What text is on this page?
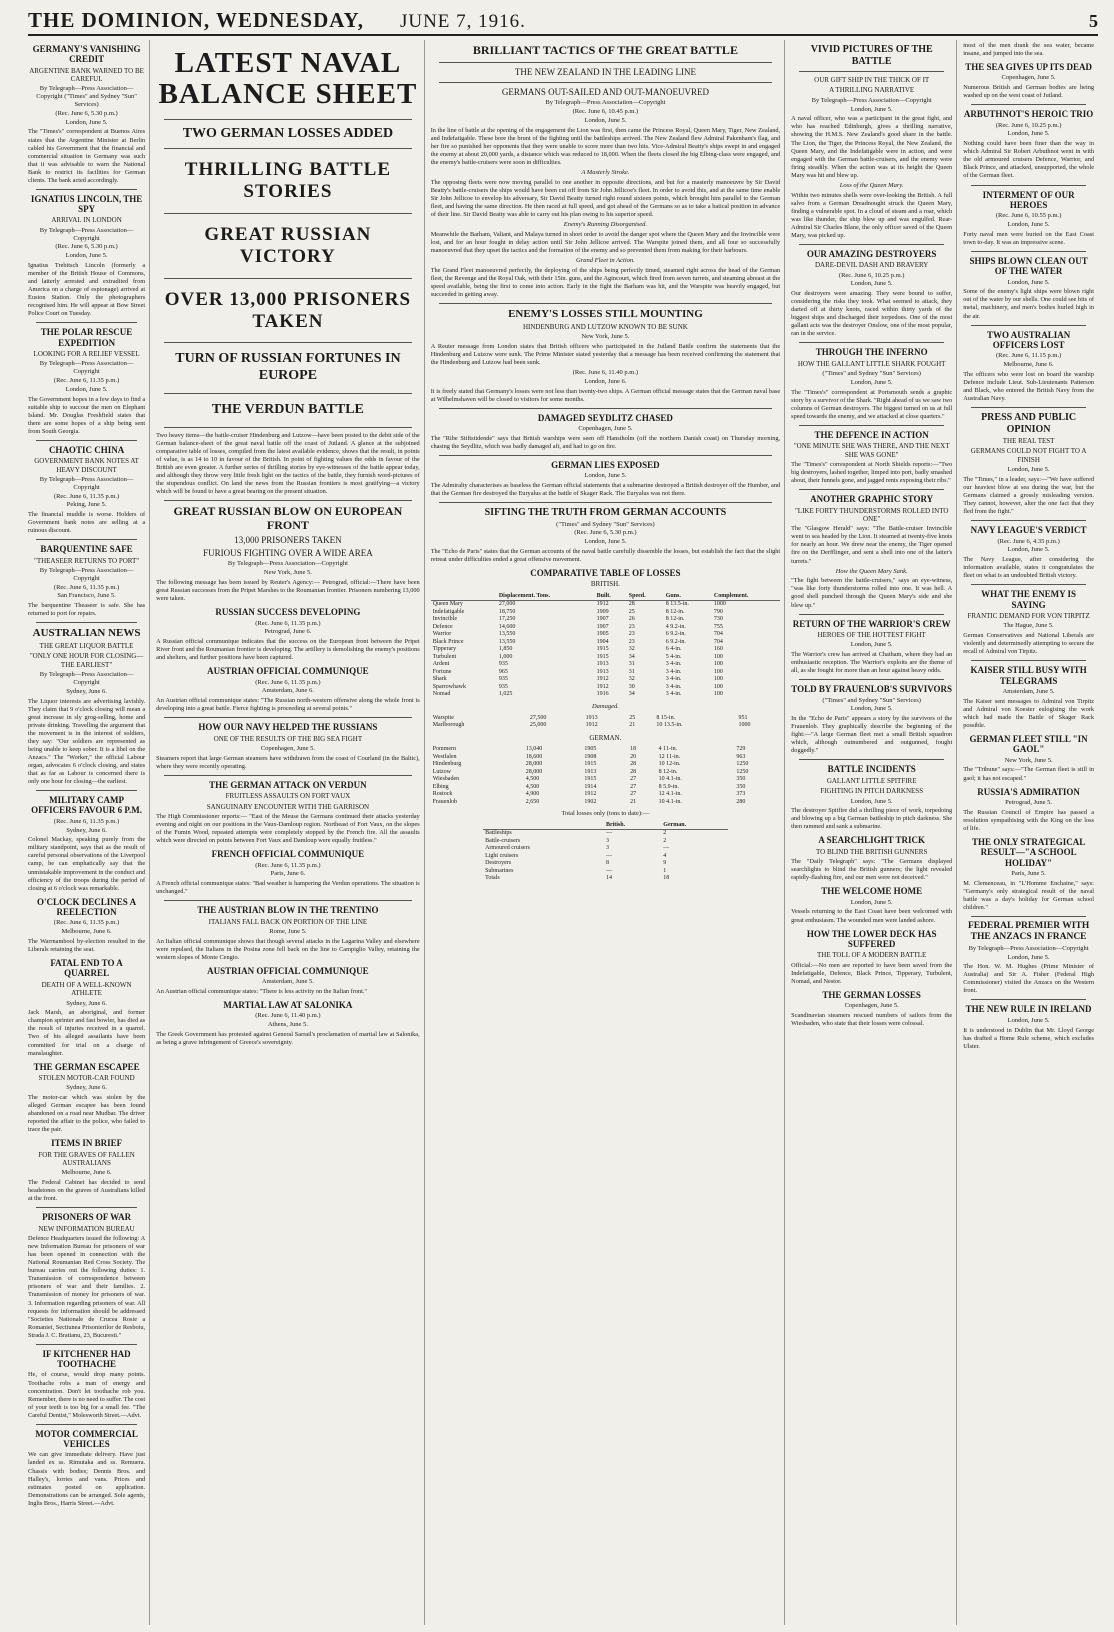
THE DOMINION, WEDNESDAY, JUNE 7, 1916.	5
GERMANY'S VANISHING CREDIT
ARGENTINE BANK WARNED TO BE CAREFUL
By Telegraph—Press Association—Copyright ("Times" and Sydney "Sun" Services)
(Rec. June 6, 5.30 p.m.)
London, June 5.
The "Times's" correspondent at Buenos Aires states that the Argentine Minister at Berlin cabled his Government that the financial and commercial situation in Germany was such that it was advisable to warn the National Bank to restrict its facilities for German clients. The bank acted accordingly.
IGNATIUS LINCOLN, THE SPY
ARRIVAL IN LONDON
By Telegraph—Press Association—Copyright
(Rec. June 6, 5.30 p.m.)
London, June 5.
Ignatius Trebitsch Lincoln (formerly a member of the British House of Commons, and latterly arrested and extradited from America on a charge of espionage) arrived at Euston Station. Only the photographers recognised him. He will appear at Bow Street Police Court on Tuesday.
THE POLAR RESCUE EXPEDITION
LOOKING FOR A RELIEF VESSEL
By Telegraph—Press Association—Copyright
(Rec. June 6, 11.35 p.m.)
London, June 5.
The Government hopes in a few days to find a suitable ship to succour the men on Elephant Island. Mr. Douglas Freshfield states that there are some hopes of a ship being sent from South Georgia.
CHAOTIC CHINA
GOVERNMENT BANK NOTES AT HEAVY DISCOUNT
By Telegraph—Press Association—Copyright
(Rec. June 6, 11.35 p.m.)
Peking, June 5.
The financial muddle is worse. Holders of Government bank notes are selling at a ruinous discount.
BARQUENTINE SAFE
"THEASEER RETURNS TO PORT"
By Telegraph—Press Association—Copyright
(Rec. June 6, 11.35 p.m.)
San Francisco, June 5.
The barquentine Theaseer is safe. She has returned to port for repairs.
AUSTRALIAN NEWS
THE GREAT LIQUOR BATTLE
"ONLY ONE HOUR FOR CLOSING—THE EARLIEST"
By Telegraph—Press Association—Copyright
Sydney, June 6.
The Liquor interests are advertising lavishly. They claim that 9 o'clock closing will mean a great increase in sly grog-selling, home and private drinking. Travelling the argument that the movement is in the interest of soldiers, they say: "Our soldiers are represented as being unable to keep sober. It is a libel on the Anzacs." The "Worker," the official Labour organ, advocates 6 o'clock closing, and states that as far as Labour is concerned there is only one hour for closing—the earliest.
MILITARY CAMP OFFICERS FAVOUR 6 P.M.
(Rec. June 6, 11.35 p.m.)
Sydney, June 6.
Colonel Mackay, speaking purely from the military standpoint, says that as the result of careful personal observations of the Liverpool camp, he can emphatically say that the unmistakable improvement in the conduct and efficiency of the troops during the period of closing at 6 o'clock was remarkable.
O'CLOCK DECLINES A REELECTION
(Rec. June 6, 11.35 p.m.)
Melbourne, June 6.
The Warrnambool by-election resulted in the Liberals retaining the seat.
FATAL END TO A QUARREL
DEATH OF A WELL-KNOWN ATHLETE
Sydney, June 6.
Jack Marsh, an aboriginal, and former champion sprinter and fast bowler, has died as the result of injuries received in a quarrel. Two of his alleged assailants have been committed for trial on a charge of manslaughter.
THE GERMAN ESCAPEE
STOLEN MOTOR-CAR FOUND
Sydney, June 6.
The motor-car which was stolen by the alleged German escapee has been found abandoned on a road near Mudbar. The driver reported the affair to the police, who failed to trace the pair.
ITEMS IN BRIEF
FOR THE GRAVES OF FALLEN AUSTRALIANS
Melbourne, June 6.
The Federal Cabinet has decided to send headstones on the graves of Australians killed at the front.
PRISONERS OF WAR
NEW INFORMATION BUREAU
Defence Headquarters issued the following: A new Information Bureau for prisoners of war has been opened in connection with the National Roumanian Red Cross Society. The bureau carries out the following duties: 1. Transmission of correspondence between prisoners of war and their families. 2. Transmission of money for prisoners of war. 3. Information regarding prisoners of war. All requests for information should be addressed "Societies Nationale de Crucea Rosie a Romaniei, Sectiunea Prisonierilor de Resboiu, Strada J. C. Bratianu, 23, Bucuresti."
IF KITCHENER HAD TOOTHACHE
He, of course, would drop many points. Toothache robs a man of energy and concentration. Don't let toothache rob you. Remember, there is no need to suffer. The cost of your teeth is too big for a small fee. "The Careful Dentist," Molesworth Street.—Advt.
MOTOR COMMERCIAL VEHICLES
We can give immediate delivery. Have just landed ex ss. Rimutaka and ss. Remuera. Chassis with bodies; Dennis Bros. and Halley's, lorries and vans. Prices and estimates posted on application. Demonstrations can be arranged. Sole agents, Inglis Bros., Harris Street.—Advt.
LATEST NAVAL BALANCE SHEET
TWO GERMAN LOSSES ADDED
THRILLING BATTLE STORIES
GREAT RUSSIAN VICTORY
OVER 13,000 PRISONERS TAKEN
TURN OF RUSSIAN FORTUNES IN EUROPE
THE VERDUN BATTLE
Two heavy items—the battle-cruiser Hindenburg and Lutzow—have been posted to the debit side of the German balance-sheet of the great naval battle off the coast of Jutland. A glance at the subjoined comparative table of losses, compiled from the latest available evidence, shows that the result, in points of value, is as 14 to 10 in favour of the British. In point of fighting values the odds in favour of the British are even greater. A further series of thrilling stories by eye-witnesses of the battle appear today, and although they throw very little fresh light on the tactics of the battle, they furnish word-pictures of the stupendous conflict. On land the news from the Russian frontiers is most gratifying—a victory which will be found to have a great bearing on the present situation.
GREAT RUSSIAN BLOW ON EUROPEAN FRONT
13,000 PRISONERS TAKEN
FURIOUS FIGHTING OVER A WIDE AREA
By Telegraph—Press Association—Copyright
New York, June 5.
The following message has been issued by Reuter's Agency:— Petrograd, official:—There have been great Russian successes from the Pripet Marshes to the Roumanian frontier. Prisoners numbering 13,000 were taken.
RUSSIAN SUCCESS DEVELOPING
(Rec. June 6, 11.35 p.m.)
Petrograd, June 6.
A Russian official communique indicates that the success on the European front between the Pripet River front and the Roumanian frontier is developing. The artillery is demolishing the enemy's positions and shelters, and further positions have been captured.
AUSTRIAN OFFICIAL COMMUNIQUE
(Rec. June 6, 11.35 p.m.)
Amsterdam, June 6.
An Austrian official communique states: "The Russian north-western offensive along the whole front is developing into a great battle. Fierce fighting is proceeding at several points."
HOW OUR NAVY HELPED THE RUSSIANS
ONE OF THE RESULTS OF THE BIG SEA FIGHT
Copenhagen, June 5.
Steamers report that large German steamers have withdrawn from the coast of Courland (in the Baltic), where they were recently operating.
THE GERMAN ATTACK ON VERDUN
FRUITLESS ASSAULTS ON FORT VAUX
SANGUINARY ENCOUNTER WITH THE GARRISON
The High Commissioner reports:— "East of the Meuse the Germans continued their attacks yesterday evening and night on our positions in the Vaux-Damloup region. Northeast of Fort Vaux, on the slopes of the Fumin Wood, repeated attempts were completely stopped by the French fire. All the assaults which were directed on points between Fort Vaux and Damloup were equally fruitless."
FRENCH OFFICIAL COMMUNIQUE
(Rec. June 6, 11.35 p.m.)
Paris, June 6.
A French official communique states: "Bad weather is hampering the Verdun operations. The situation is unchanged."
THE AUSTRIAN BLOW IN THE TRENTINO
ITALIANS FALL BACK ON PORTION OF THE LINE
Rome, June 5.
An Italian official communique shows that though several attacks in the Lagarina Valley and elsewhere were repulsed, the Italians in the Posina zone fell back on the line to Campiglio Valley, retaining the western slopes of Monte Cengio.
AUSTRIAN OFFICIAL COMMUNIQUE
Amsterdam, June 5.
An Austrian official communique states: "There is less activity on the Italian front."
MARTIAL LAW AT SALONIKA
(Rec. June 6, 11.40 p.m.)
Athens, June 5.
The Greek Government has protested against General Sarrail's proclamation of martial law at Salonika, as being a grave infringement of Greece's sovereignty.
BRILLIANT TACTICS OF THE GREAT BATTLE
THE NEW ZEALAND IN THE LEADING LINE
GERMANS OUT-SAILED AND OUT-MANOEUVRED
By Telegraph—Press Association—Copyright
(Rec. June 6, 10.45 p.m.)
London, June 5.
In the line of battle at the opening of the engagement the Lion was first, then came the Princess Royal, Queen Mary, Tiger, New Zealand, and Indefatigable. These bore the brunt of the fighting until the battleships arrived. The New Zealand flew Admiral Pakenham's flag, and her fire so punished her opponents that they were unable to score more than two hits. Vice-Admiral Beatty's ships swept in and engaged the enemy at about 20,000 yards, a distance which was reduced to 18,000. When the fleets closed the big Elbing-class were engaged, and the enemy's battle-cruisers were soon in difficulties.
A Masterly Stroke.
The opposing fleets were now moving parallel to one another in opposite directions, and but for a masterly manoeuvre by Sir David Beatty's battle-cruisers the ships would have been cut off from Sir John Jellicoe's fleet. In order to avoid this, and at the same time enable Sir John Jellicoe to envelop his adversary, Sir David Beatty turned right round sixteen points, which brought him parallel to the German fleet, and having the same direction. He then raced at full speed, and got ahead of the Germans so as to take a batical position in advance of their line. Sir David Beatty was able to carry out his plan owing to his superior speed.
Enemy's Running Disorganised.
Meanwhile the Barham, Valiant, and Malaya turned in short order to avoid the danger spot where the Queen Mary and the Invincible were lost, and for an hour fought in delay action until Sir John Jellicoe arrived. The Warspite joined them, and all four so successfully manoeuvred that they upset the tactics and the formation of the enemy and so prevented them from making for their harbours.
Grand Fleet in Action.
The Grand Fleet manoeuvred perfectly, the deploying of the ships being perfectly timed, steamed right across the head of the German fleet, the Revenge and the Royal Oak, with their 15in. guns, and the Agincourt, which fired from seven turrets, and steaming abreast at the speed available, being the first to come into action. Early in the fight the Barham was hit, and the Warspite was heavily engaged, but succeeded in getting away.
ENEMY'S LOSSES STILL MOUNTING
HINDENBURG AND LUTZOW KNOWN TO BE SUNK
New York, June 5.
A Reuter message from London states that British officers who participated in the Jutland Battle confirm the statements that the Hindenburg and Lutzow were sunk. The Prime Minister stated yesterday that a message has been received confirming the statement that the Hindenburg and Lutzow had been sunk.
(Rec. June 6, 11.40 p.m.)
London, June 6.
It is freely stated that Germany's losses were not less than twenty-two ships. A German official message states that the German naval base at Wilhelmshaven will be closed to visitors for some months.
DAMAGED SEYDLITZ CHASED
Copenhagen, June 5.
The "Ribe Stiftstidende" says that British warships were seen off Hanstholm (off the northern Danish coast) on Thursday morning, chasing the Seydlitz, which was badly damaged aft, and had to go on fire.
GERMAN LIES EXPOSED
London, June 5.
The Admiralty characterises as baseless the German official statements that a submarine destroyed a British destroyer off the Humber, and that the German fire destroyed the Euryalus at the battle of Skager Rack. The Euryalus was not there.
SIFTING THE TRUTH FROM GERMAN ACCOUNTS
("Times" and Sydney "Sun" Services)
(Rec. June 6, 5.30 p.m.)
London, June 5.
The "Echo de Paris" states that the German accounts of the naval battle carefully dissemble the losses, but establish the fact that the slight retreat under difficulties ended a great offensive movement.
COMPARATIVE TABLE OF LOSSES
BRITISH.
	Displacement. Tons.	Built.	Speed.	Guns.	Complement.
Queen Mary	27,000	1912	28	8 13.5-in.	1000
Indefatigable	18,750	1909	25	8 12-in.	790
Invincible	17,250	1907	26	8 12-in.	730
Defence	14,600	1907	23	4 9.2-in.	755
Warrior	13,550	1905	23	6 9.2-in.	704
Black Prince	13,550	1904	23	6 9.2-in.	704
Tipperary	1,850	1915	32	6 4-in.	160
Turbulent	1,000	1915	34	5 4-in.	100
Ardent	935	1913	31	3 4-in.	100
Fortune	965	1913	31	3 4-in.	100
Shark	935	1912	32	3 4-in.	100
Sparrowhawk	935	1912	30	3 4-in.	100
Nomad	1,025	1916	34	3 4-in.	100
Damaged.
Warspite	27,500	1913	25	8 15-in.	951
Marlborough	25,000	1912	21	10 13.5-in.	1000
GERMAN.
Pommern	13,040	1905	18	4 11-in.	729
Westfalen	18,600	1908	20	12 11-in.	963
Hindenburg	28,000	1915	28	10 12-in.	1250
Lutzow	28,000	1913	28	8 12-in.	1250
Wiesbaden	4,500	1915	27	10 4.1-in.	350
Elbing	4,500	1914	27	8 5.9-in.	350
Rostock	4,900	1912	27	12 4.1-in.	373
Frauenlob	2,650	1902	21	10 4.1-in.	280
Total losses only (tons to date):—
	British.	German.
Battleships	—	2
Battle-cruisers	3	2
Armoured cruisers	3	—
Light cruisers	—	4
Destroyers	8	9
Submarines	—	1
Totals	14	18
VIVID PICTURES OF THE BATTLE
OUR GIFT SHIP IN THE THICK OF IT
A THRILLING NARRATIVE
By Telegraph—Press Association—Copyright
London, June 5.
A naval officer, who was a participant in the great fight, and who has reached Edinburgh, gives a thrilling narrative, showing the H.M.S. New Zealand's good share in the battle. The Lion, the Tiger, the Princess Royal, the New Zealand, the Queen Mary, and the Indefatigable were in action, and were engaged with the German battle-cruisers, and the enemy were firing steadily. When the action was at its height the Queen Mary was hit and blew up.
Loss of the Queen Mary.
Within two minutes shells were over-looking the British. A full salvo from a German Dreadnought struck the Queen Mary, finding a vulnerable spot. In a cloud of steam and a roar, which was like thunder, the ship blew up and was engulfed. Rear-Admiral Sir Charles Blane, the only officer saved of the Queen Mary, was picked up.
OUR AMAZING DESTROYERS
DARE-DEVIL DASH AND BRAVERY
(Rec. June 6, 10.25 p.m.)
London, June 5.
Our destroyers were amazing. They were bound to suffer, considering the risks they took. What seemed to attack, they darted off at thirty knots, raced within thirty yards of the biggest ships and discharged their torpedoes. One of the most gallant acts was the destroyer Onslow, one of the most popular, ran in the service.
THROUGH THE INFERNO
HOW THE GALLANT LITTLE SHARK FOUGHT
("Times" and Sydney "Sun" Services)
London, June 5.
The "Times's" correspondent at Portsmouth sends a graphic story by a survivor of the Shark. "Right ahead of us we saw two columns of German destroyers. The biggest turned on us at full speed towards the enemy, and we attacked at close quarters."
THE DEFENCE IN ACTION
"ONE MINUTE SHE WAS THERE, AND THE NEXT SHE WAS GONE"
The "Times's" correspondent at North Shields reports:—"Two big destroyers, lashed together, limped into port, badly smashed about, their funnels gone, and jagged rents exposing their ribs."
ANOTHER GRAPHIC STORY
"LIKE FORTY THUNDERSTORMS ROLLED INTO ONE"
The "Glasgow Herald" says: "The Battle-cruiser Invincible went to sea headed by the Lion. It steamed at twenty-five knots for nearly an hour. We drew near the enemy, the Tiger opened fire on the Derfflinger, and sent a shell into one of the latter's turrets."
How the Queen Mary Sank.
"The fight between the battle-cruisers," says an eye-witness, "was like forty thunderstorms rolled into one. It was hell. A good shell punched through the Queen Mary's side and she blew up."
RETURN OF THE WARRIOR'S CREW
HEROES OF THE HOTTEST FIGHT
London, June 5.
The Warrior's crew has arrived at Chatham, where they had an enthusiastic reception. The Warrior's exploits are the theme of all, as she fought for more than an hour against heavy odds.
TOLD BY FRAUENLOB'S SURVIVORS
("Times" and Sydney "Sun" Services)
London, June 5.
In the "Echo de Paris" appears a story by the survivors of the Frauenlob. They graphically describe the beginning of the fight:—"A large German fleet met a small British squadron which, although outnumbered and outgunned, fought doggedly."
BATTLE INCIDENTS
GALLANT LITTLE SPITFIRE
FIGHTING IN PITCH DARKNESS
London, June 5.
The destroyer Spitfire did a thrilling piece of work, torpedoing and blowing up a big German battleship in pitch darkness. She then rammed and sank a submarine.
A SEARCHLIGHT TRICK
TO BLIND THE BRITISH GUNNERS
The "Daily Telegraph" says: "The Germans displayed searchlights to blind the British gunners; the light revealed rapidly-flashing fire, and our men were not deceived."
THE WELCOME HOME
London, June 5.
Vessels returning to the East Coast have been welcomed with great enthusiasm. The wounded men were landed ashore.
HOW THE LOWER DECK HAS SUFFERED
THE TOLL OF A MODERN BATTLE
Official:—No men are reported to have been saved from the Indefatigable, Defence, Black Prince, Tipperary, Turbulent, Nomad, and Nestor.
THE GERMAN LOSSES
Copenhagen, June 5.
Scandinavian steamers rescued numbers of sailors from the Wiesbaden, who state that their losses were colossal.
most of the men drank the sea water, became insane, and jumped into the sea.
THE SEA GIVES UP ITS DEAD
Copenhagen, June 5.
Numerous British and German bodies are being washed up on the west coast of Jutland.
ARBUTHNOT'S HEROIC TRIO
(Rec. June 6, 10.25 p.m.)
London, June 5.
Nothing could have been finer than the way in which Admiral Sir Robert Arbuthnot went in with the old armoured cruisers Defence, Warrior, and Black Prince, and attacked, unsupported, the whole of the German fleet.
INTERMENT OF OUR HEROES
(Rec. June 6, 10.55 p.m.)
London, June 5.
Forty naval men were buried on the East Coast town to-day. It was an impressive scene.
SHIPS BLOWN CLEAN OUT OF THE WATER
London, June 5.
Some of the enemy's light ships were blown right out of the water by our shells. One could see bits of metal, machinery, and men's bodies hurled high in the air.
TWO AUSTRALIAN OFFICERS LOST
(Rec. June 6, 11.15 p.m.)
Melbourne, June 6.
The officers who were lost on board the warship Defence include Lieut. Sub-Lieutenants Patterson and Black, who entered the British Navy from the Australian Navy.
PRESS AND PUBLIC OPINION
THE REAL TEST
GERMANS COULD NOT FIGHT TO A FINISH
London, June 5.
The "Times," in a leader, says:—"We have suffered our heaviest blow at sea during the war, but the Germans claimed a grossly misleading version. They cannot, however, alter the one fact that they fled from the fight."
NAVY LEAGUE'S VERDICT
(Rec. June 6, 4.35 p.m.)
London, June 5.
The Navy League, after considering the information available, states it congratulates the fleet on what is an undoubted British victory.
WHAT THE ENEMY IS SAYING
FRANTIC DEMAND FOR VON TIRPITZ
The Hague, June 5.
German Conservatives and National Liberals are violently and determinedly attempting to secure the recall of Admiral von Tirpitz.
KAISER STILL BUSY WITH TELEGRAMS
Amsterdam, June 5.
The Kaiser sent messages to Admiral von Tirpitz and Admiral von Koester eulogising the work which had made the Battle of Skager Rack possible.
GERMAN FLEET STILL "IN GAOL"
New York, June 5.
The "Tribune" says:—"The German fleet is still in gaol; it has not escaped."
RUSSIA'S ADMIRATION
Petrograd, June 5.
The Russian Council of Empire has passed a resolution sympathising with the King on the loss of life.
THE ONLY STRATEGICAL RESULT—"A SCHOOL HOLIDAY"
Paris, June 5.
M. Clemenceau, in "L'Homme Enchaine," says: "Germany's only strategical result of the naval battle was a day's holiday for German school children."
FEDERAL PREMIER WITH THE ANZACS IN FRANCE
By Telegraph—Press Association—Copyright
London, June 5.
The Hon. W. M. Hughes (Prime Minister of Australia) and Sir A. Fisher (Federal High Commissioner) visited the Anzacs on the Western front.
THE NEW RULE IN IRELAND
London, June 5.
It is understood in Dublin that Mr. Lloyd George has drafted a Home Rule scheme, which excludes Ulster.
